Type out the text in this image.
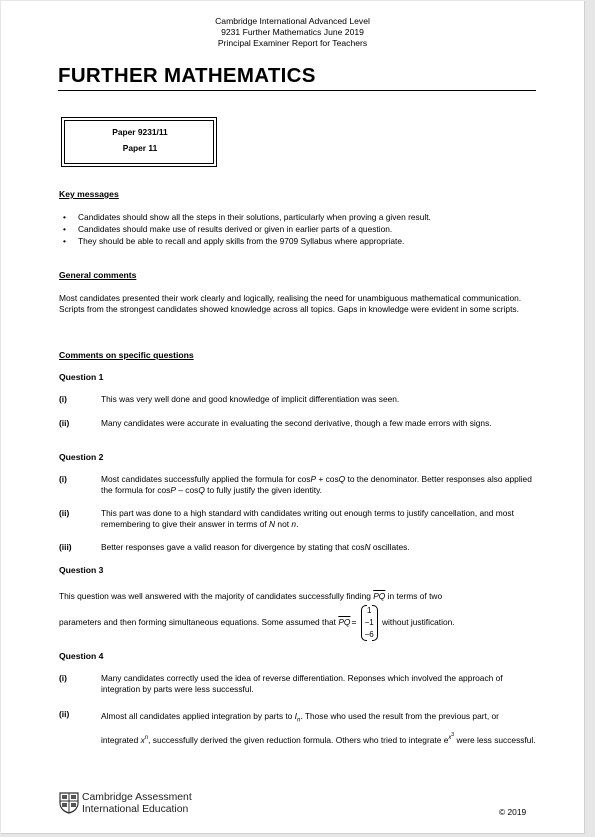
Cambridge International Advanced Level
9231 Further Mathematics June 2019
Principal Examiner Report for Teachers
FURTHER MATHEMATICS
Paper 9231/11
Paper 11
Key messages
• Candidates should show all the steps in their solutions, particularly when proving a given result.
• Candidates should make use of results derived or given in earlier parts of a question.
• They should be able to recall and apply skills from the 9709 Syllabus where appropriate.
General comments
Most candidates presented their work clearly and logically, realising the need for unambiguous mathematical communication. Scripts from the strongest candidates showed knowledge across all topics. Gaps in knowledge were evident in some scripts.
Comments on specific questions
Question 1
(i)	This was very well done and good knowledge of implicit differentiation was seen.
(ii)	Many candidates were accurate in evaluating the second derivative, though a few made errors with signs.
Question 2
(i)	Most candidates successfully applied the formula for cosP + cosQ to the denominator. Better responses also applied the formula for cosP – cosQ to fully justify the given identity.
(ii)	This part was done to a high standard with candidates writing out enough terms to justify cancellation, and most remembering to give their answer in terms of N not n.
(iii)	Better responses gave a valid reason for divergence by stating that cosN oscillates.
Question 3
This question was well answered with the majority of candidates successfully finding $\overline{PQ}$ in terms of two
parameters and then forming simultaneous equations. Some assumed that $\overline{PQ}=$
1
−1
−6
without justification.
Question 4
(i)	Many candidates correctly used the idea of reverse differentiation. Reponses which involved the approach of integration by parts were less successful.
(ii)	Almost all candidates applied integration by parts to $I_n$. Those who used the result from the previous part, or integrated $x^n$, successfully derived the given reduction formula. Others who tried to integrate $e^{x^3}$ were less successful.
Cambridge Assessment
International Education	© 2019
